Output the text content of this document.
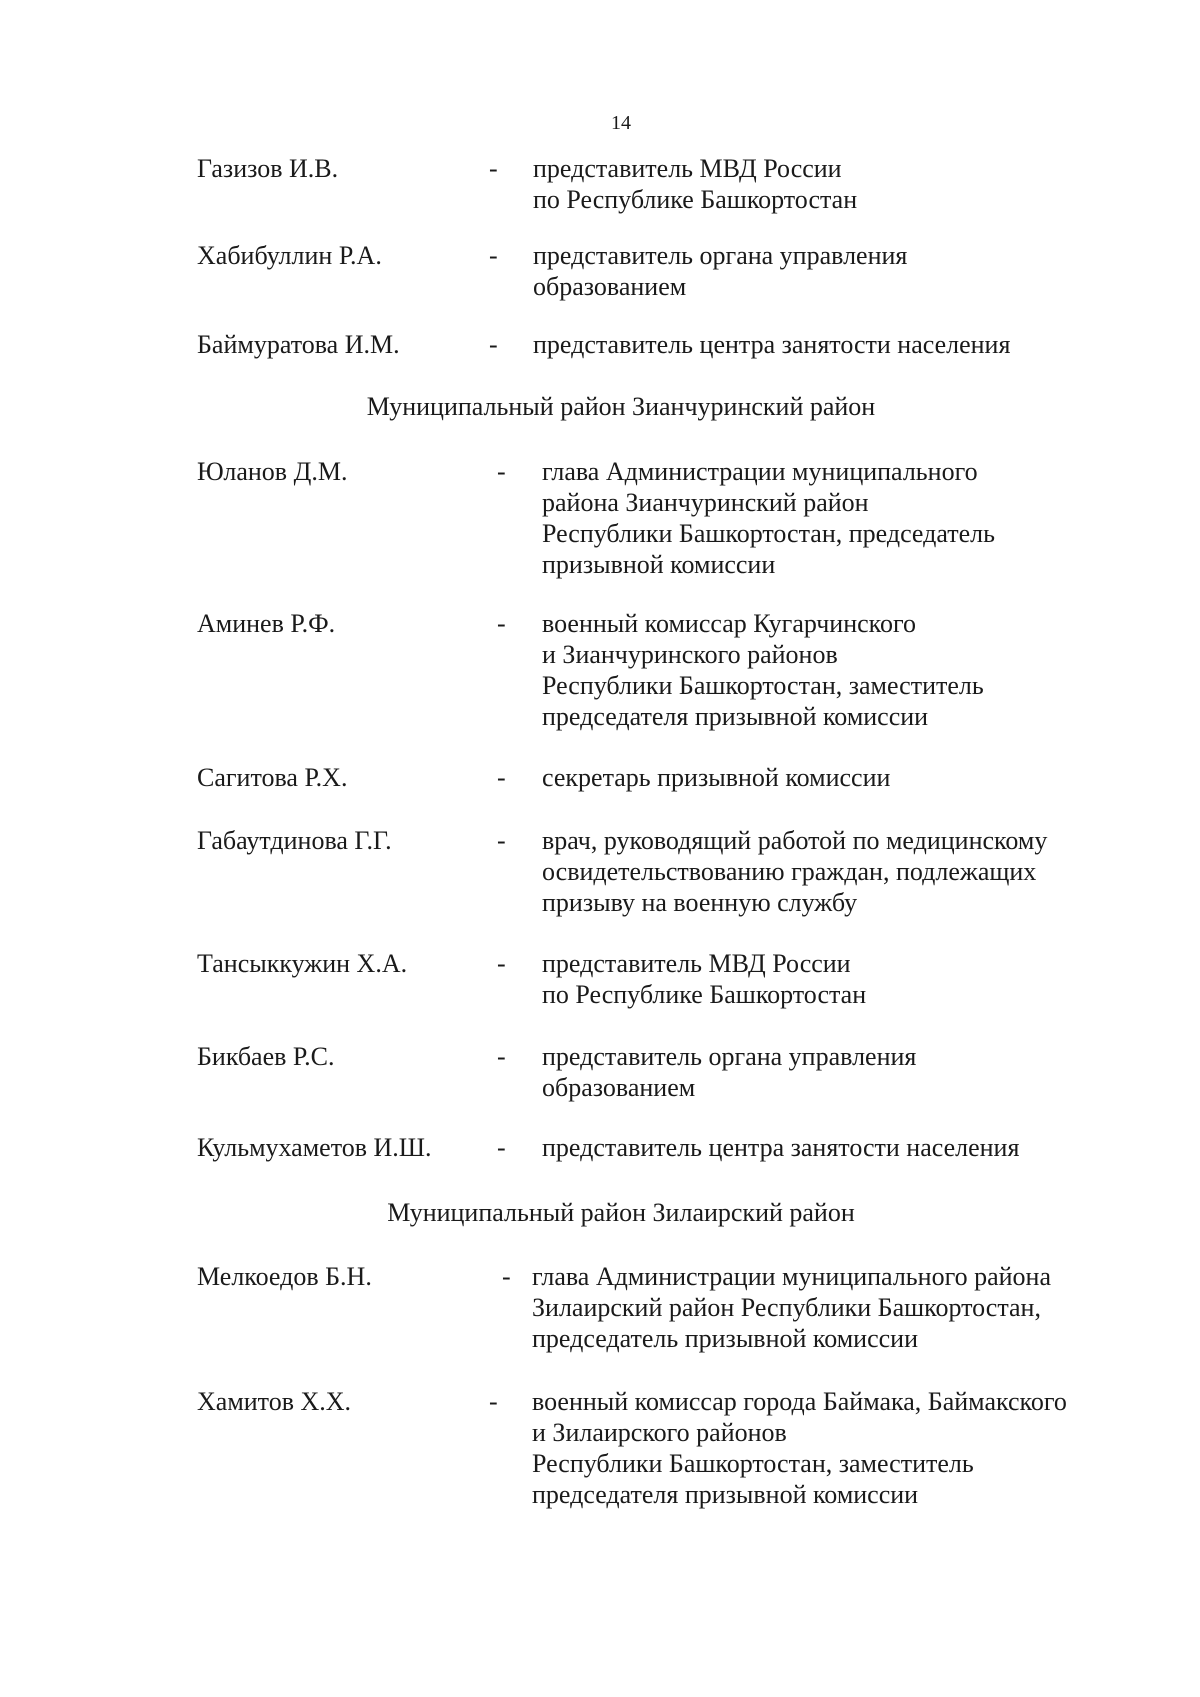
14
Газизов И.В.	- представитель МВД России
по Республике Башкортостан
Хабибуллин Р.А.	- представитель органа управления
образованием
Баймуратова И.М.	- представитель центра занятости населения
Муниципальный район Зианчуринский район
Юланов Д.М.	- глава Администрации муниципального
района Зианчуринский район
Республики Башкортостан, председатель
призывной комиссии
Аминев Р.Ф.	- военный комиссар Кугарчинского
и Зианчуринского районов
Республики Башкортостан, заместитель
председателя призывной комиссии
Сагитова Р.Х.	- секретарь призывной комиссии
Габаутдинова Г.Г.	- врач, руководящий работой по медицинскому
освидетельствованию граждан, подлежащих
призыву на военную службу
Тансыккужин Х.А.	- представитель МВД России
по Республике Башкортостан
Бикбаев Р.С.	- представитель органа управления
образованием
Кульмухаметов И.Ш.	- представитель центра занятости населения
Муниципальный район Зилаирский район
Мелкоедов Б.Н.	- глава Администрации муниципального района
Зилаирский район Республики Башкортостан,
председатель призывной комиссии
Хамитов Х.Х.	- военный комиссар города Баймака, Баймакского
и Зилаирского районов
Республики Башкортостан, заместитель
председателя призывной комиссии
